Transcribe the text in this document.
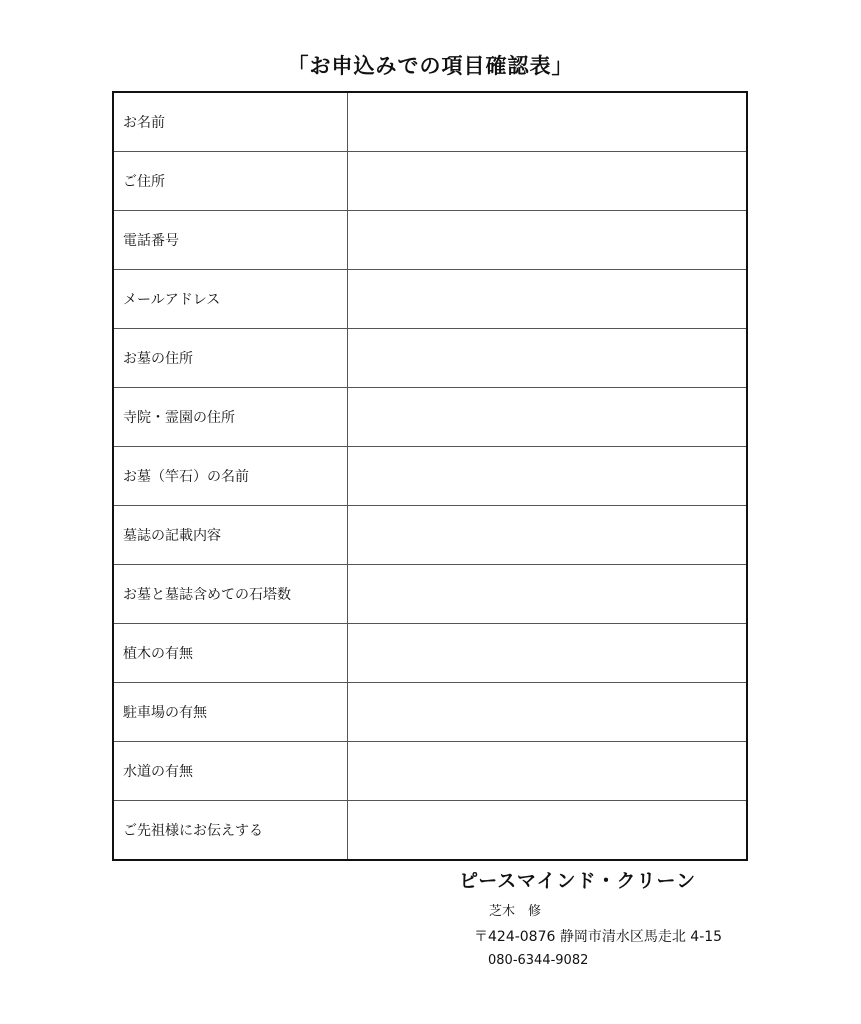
「お申込みでの項目確認表」
お名前	
ご住所	
電話番号	
メールアドレス	
お墓の住所	
寺院・霊園の住所	
お墓（竿石）の名前	
墓誌の記載内容	
お墓と墓誌含めての石塔数	
植木の有無	
駐車場の有無	
水道の有無	
ご先祖様にお伝えする	
ピースマインド・クリーン
芝木　修
〒424-0876 静岡市清水区馬走北 4-15
080-6344-9082
